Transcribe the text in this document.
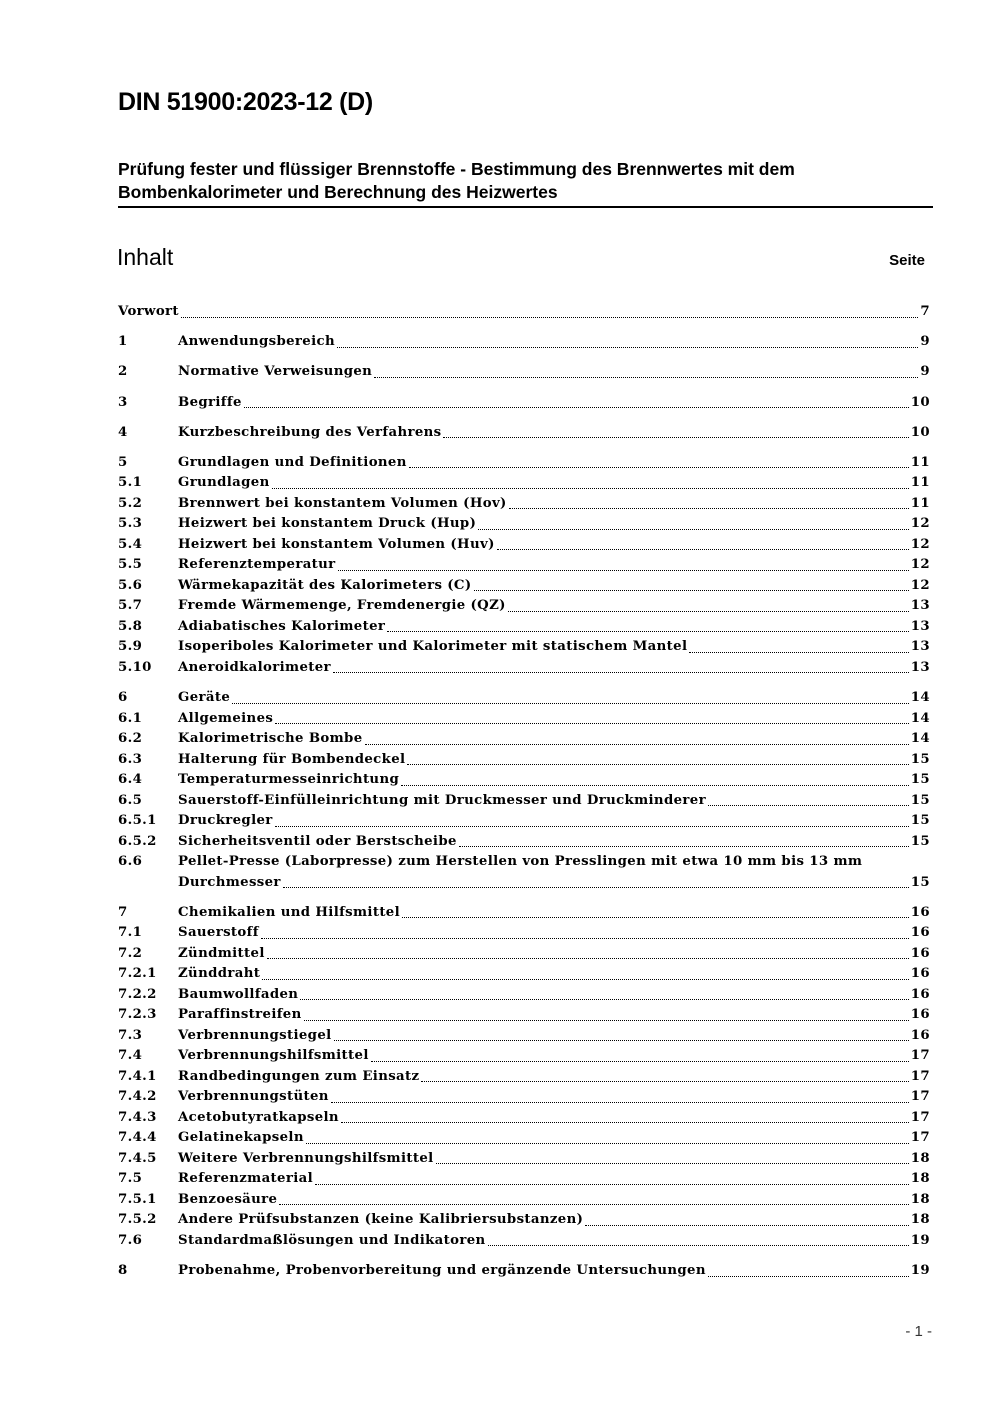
DIN 51900:2023-12 (D)
Prüfung fester und flüssiger Brennstoffe - Bestimmung des Brennwertes mit dem Bombenkalorimeter und Berechnung des Heizwertes
Inhalt	Seite
Vorwort	7
1	Anwendungsbereich	9
2	Normative Verweisungen	9
3	Begriffe	10
4	Kurzbeschreibung des Verfahrens	10
5	Grundlagen und Definitionen	11
5.1	Grundlagen	11
5.2	Brennwert bei konstantem Volumen (Hov)	11
5.3	Heizwert bei konstantem Druck (Hup)	12
5.4	Heizwert bei konstantem Volumen (Huv)	12
5.5	Referenztemperatur	12
5.6	Wärmekapazität des Kalorimeters (C)	12
5.7	Fremde Wärmemenge, Fremdenergie (QZ)	13
5.8	Adiabatisches Kalorimeter	13
5.9	Isoperiboles Kalorimeter und Kalorimeter mit statischem Mantel	13
5.10	Aneroidkalorimeter	13
6	Geräte	14
6.1	Allgemeines	14
6.2	Kalorimetrische Bombe	14
6.3	Halterung für Bombendeckel	15
6.4	Temperaturmesseinrichtung	15
6.5	Sauerstoff-Einfülleinrichtung mit Druckmesser und Druckminderer	15
6.5.1	Druckregler	15
6.5.2	Sicherheitsventil oder Berstscheibe	15
6.6	Pellet-Presse (Laborpresse) zum Herstellen von Presslingen mit etwa 10 mm bis 13 mm
Durchmesser	15
7	Chemikalien und Hilfsmittel	16
7.1	Sauerstoff	16
7.2	Zündmittel	16
7.2.1	Zünddraht	16
7.2.2	Baumwollfaden	16
7.2.3	Paraffinstreifen	16
7.3	Verbrennungstiegel	16
7.4	Verbrennungshilfsmittel	17
7.4.1	Randbedingungen zum Einsatz	17
7.4.2	Verbrennungstüten	17
7.4.3	Acetobutyratkapseln	17
7.4.4	Gelatinekapseln	17
7.4.5	Weitere Verbrennungshilfsmittel	18
7.5	Referenzmaterial	18
7.5.1	Benzoesäure	18
7.5.2	Andere Prüfsubstanzen (keine Kalibriersubstanzen)	18
7.6	Standardmaßlösungen und Indikatoren	19
8	Probenahme, Probenvorbereitung und ergänzende Untersuchungen	19
- 1 -
